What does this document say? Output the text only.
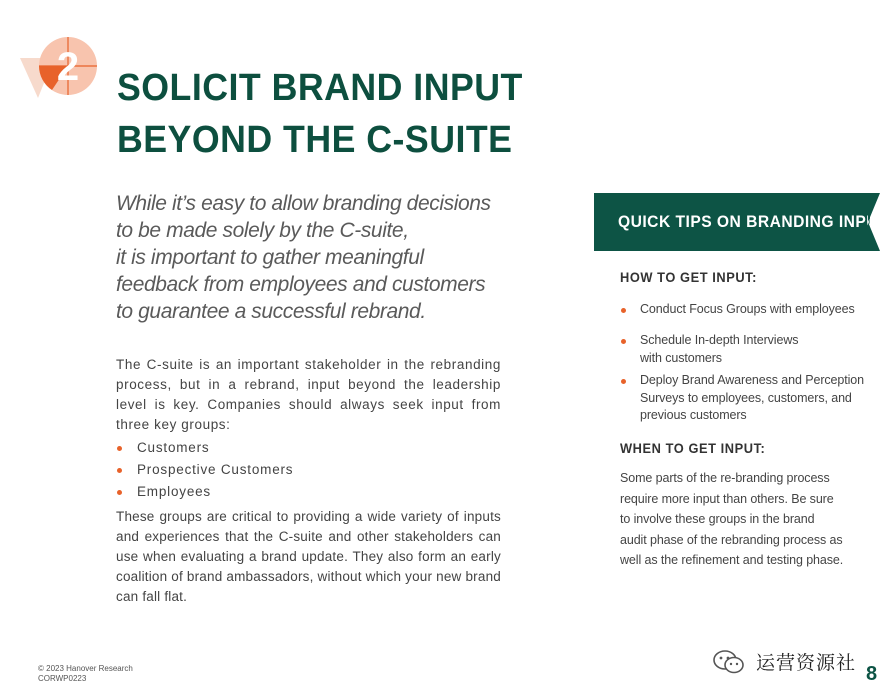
2 SOLICIT BRAND INPUT
BEYOND THE C-SUITE
While it’s easy to allow branding decisions
to be made solely by the C-suite,
it is important to gather meaningful
feedback from employees and customers
to guarantee a successful rebrand.
The C-suite is an important stakeholder in the rebranding process, but in a rebrand, input beyond the leadership level is key. Companies should always seek input from three key groups:
Customers
Prospective Customers
Employees
These groups are critical to providing a wide variety of inputs and experiences that the C-suite and other stakeholders can use when evaluating a brand update. They also form an early coalition of brand ambassadors, without which your new brand can fall flat.
QUICK TIPS ON BRANDING INPUT
HOW TO GET INPUT:
Conduct Focus Groups with employees
Schedule In-depth Interviews with customers
Deploy Brand Awareness and Perception Surveys to employees, customers, and previous customers
WHEN TO GET INPUT:
Some parts of the re-branding process
require more input than others. Be sure
to involve these groups in the brand
audit phase of the rebranding process as
well as the refinement and testing phase.
© 2023 Hanover Research
CORWP0223
运营资源社 8
